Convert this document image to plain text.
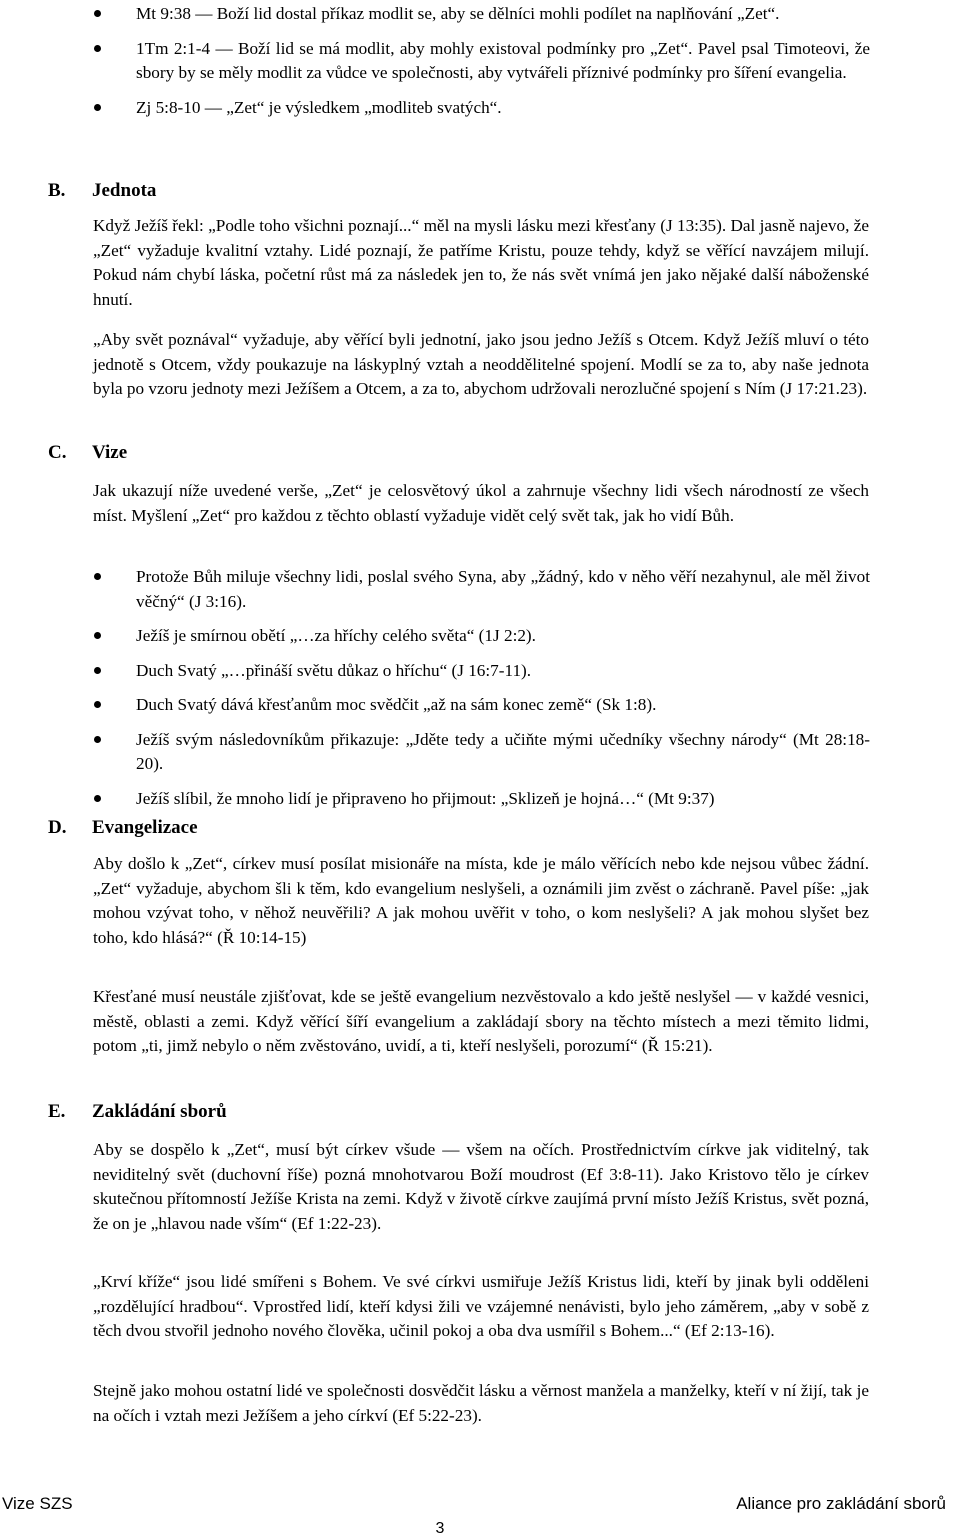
Mt 9:38 — Boží lid dostal příkaz modlit se, aby se dělníci mohli podílet na naplňování „Zet“.

1Tm 2:1-4 — Boží lid se má modlit, aby mohly existoval podmínky pro „Zet“. Pavel psal Timoteovi, že sbory by se měly modlit za vůdce ve společnosti, aby vytvářeli příznivé podmínky pro šíření evangelia.

Zj 5:8-10 — „Zet“ je výsledkem „modliteb svatých“.

B. Jednota

Když Ježíš řekl: „Podle toho všichni poznají...“ měl na mysli lásku mezi křesťany (J 13:35). Dal jasně najevo, že „Zet“ vyžaduje kvalitní vztahy. Lidé poznají, že patříme Kristu, pouze tehdy, když se věřící navzájem milují. Pokud nám chybí láska, početní růst má za následek jen to, že nás svět vnímá jen jako nějaké další náboženské hnutí.

„Aby svět poznával“ vyžaduje, aby věřící byli jednotní, jako jsou jedno Ježíš s Otcem. Když Ježíš mluví o této jednotě s Otcem, vždy poukazuje na láskyplný vztah a neoddělitelné spojení. Modlí se za to, aby naše jednota byla po vzoru jednoty mezi Ježíšem a Otcem, a za to, abychom udržovali nerozlučné spojení s Ním (J 17:21.23).

C. Vize

Jak ukazují níže uvedené verše, „Zet“ je celosvětový úkol a zahrnuje všechny lidi všech národností ze všech míst. Myšlení „Zet“ pro každou z těchto oblastí vyžaduje vidět celý svět tak, jak ho vidí Bůh.

Protože Bůh miluje všechny lidi, poslal svého Syna, aby „žádný, kdo v něho věří nezahynul, ale měl život věčný“ (J 3:16).

Ježíš je smírnou obětí „…za hříchy celého světa“ (1J 2:2).

Duch Svatý „…přináší světu důkaz o hříchu“ (J 16:7-11).

Duch Svatý dává křesťanům moc svědčit „až na sám konec země“ (Sk 1:8).

Ježíš svým následovníkům přikazuje: „Jděte tedy a učiňte mými učedníky všechny národy“ (Mt 28:18-20).

Ježíš slíbil, že mnoho lidí je připraveno ho přijmout: „Sklizeň je hojná…“ (Mt 9:37)

D. Evangelizace

Aby došlo k „Zet“, církev musí posílat misionáře na místa, kde je málo věřících nebo kde nejsou vůbec žádní. „Zet“ vyžaduje, abychom šli k těm, kdo evangelium neslyšeli, a oznámili jim zvěst o záchraně. Pavel píše: „jak mohou vzývat toho, v něhož neuvěřili? A jak mohou uvěřit v toho, o kom neslyšeli? A jak mohou slyšet bez toho, kdo hlásá?“ (Ř 10:14-15)

Křesťané musí neustále zjišťovat, kde se ještě evangelium nezvěstovalo a kdo ještě neslyšel — v každé vesnici, městě, oblasti a zemi. Když věřící šíří evangelium a zakládají sbory na těchto místech a mezi těmito lidmi, potom „ti, jimž nebylo o něm zvěstováno, uvidí, a ti, kteří neslyšeli, porozumí“ (Ř 15:21).

E. Zakládání sborů

Aby se dospělo k „Zet“, musí být církev všude — všem na očích. Prostřednictvím církve jak viditelný, tak neviditelný svět (duchovní říše) pozná mnohotvarou Boží moudrost (Ef 3:8-11). Jako Kristovo tělo je církev skutečnou přítomností Ježíše Krista na zemi. Když v životě církve zaujímá první místo Ježíš Kristus, svět pozná, že on je „hlavou nade vším“ (Ef 1:22-23).

„Krví kříže“ jsou lidé smířeni s Bohem. Ve své církvi usmiřuje Ježíš Kristus lidi, kteří by jinak byli odděleni „rozdělující hradbou“. Vprostřed lidí, kteří kdysi žili ve vzájemné nenávisti, bylo jeho záměrem, „aby v sobě z těch dvou stvořil jednoho nového člověka, učinil pokoj a oba dva usmířil s Bohem...“ (Ef 2:13-16).

Stejně jako mohou ostatní lidé ve společnosti dosvědčit lásku a věrnost manžela a manželky, kteří v ní žijí, tak je na očích i vztah mezi Ježíšem a jeho církví (Ef 5:22-23).

Vize SZS	Aliance pro zakládání sborů
3
